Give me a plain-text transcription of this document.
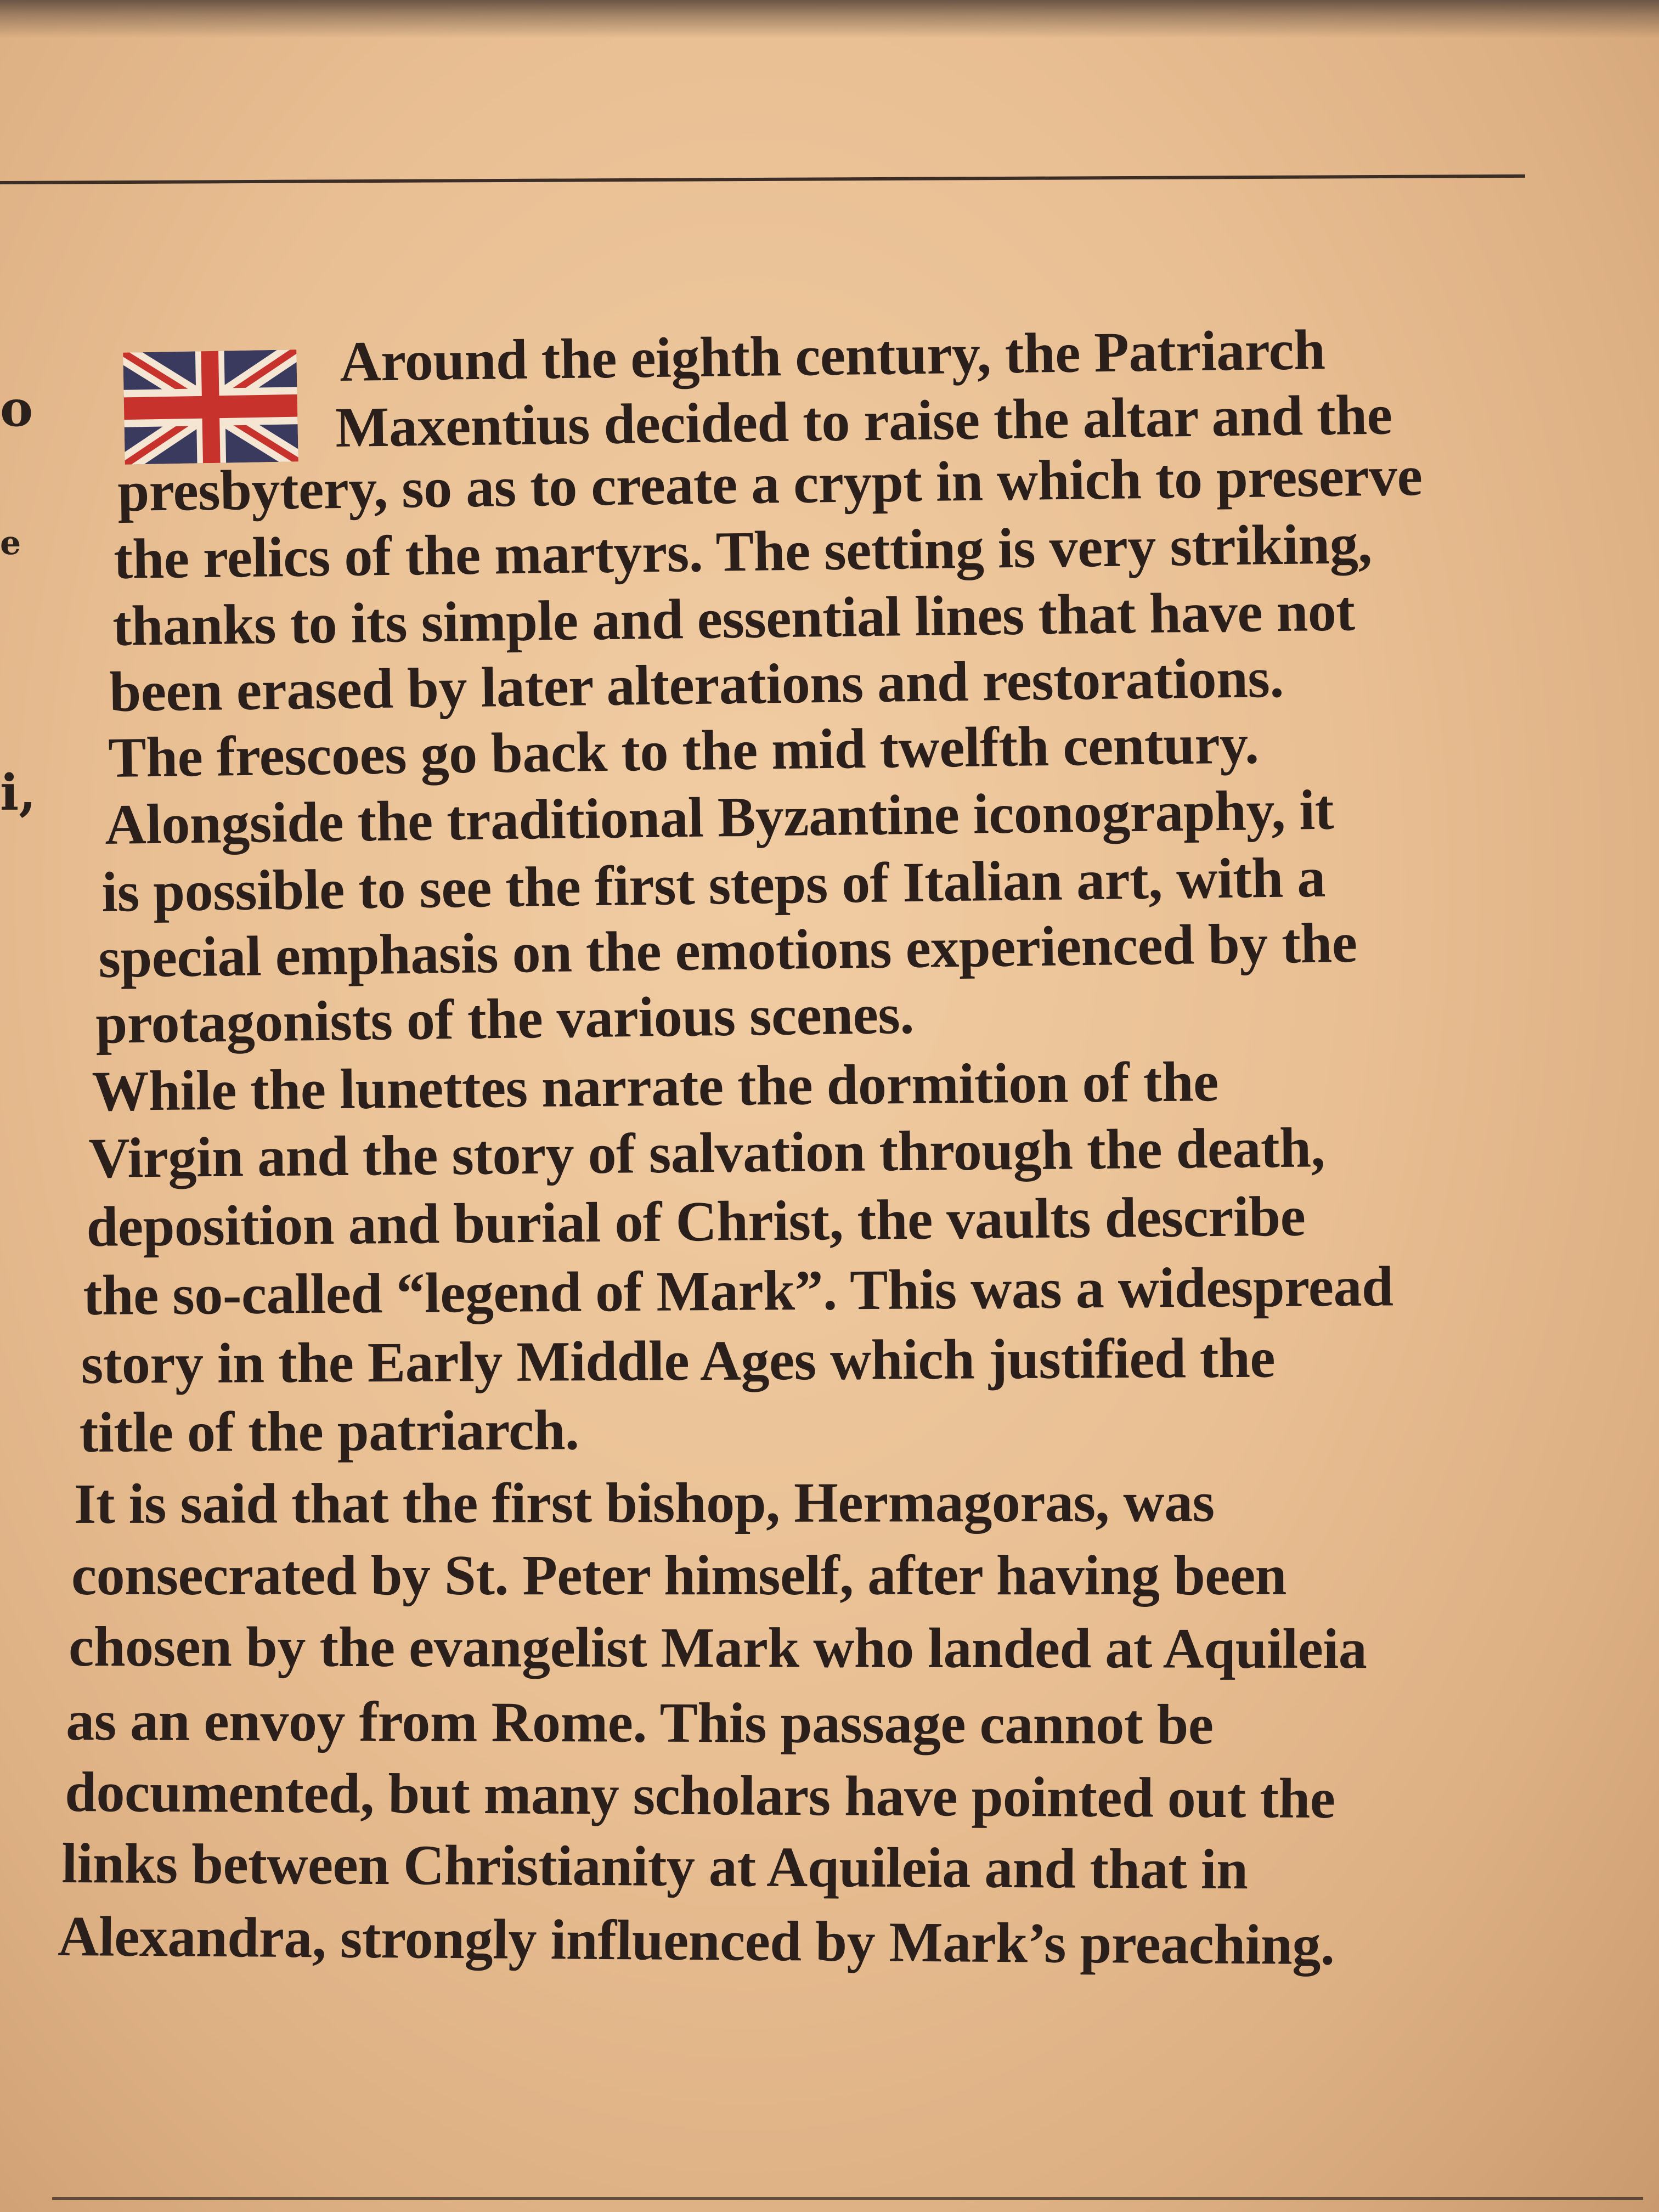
o
e
i,
Around the eighth century, the Patriarch
Maxentius decided to raise the altar and the
presbytery, so as to create a crypt in which to preserve
the relics of the martyrs. The setting is very striking,
thanks to its simple and essential lines that have not
been erased by later alterations and restorations.
The frescoes go back to the mid twelfth century.
Alongside the traditional Byzantine iconography, it
is possible to see the first steps of Italian art, with a
special emphasis on the emotions experienced by the
protagonists of the various scenes.
While the lunettes narrate the dormition of the
Virgin and the story of salvation through the death,
deposition and burial of Christ, the vaults describe
the so-called “legend of Mark”. This was a widespread
story in the Early Middle Ages which justified the
title of the patriarch.
It is said that the first bishop, Hermagoras, was
consecrated by St. Peter himself, after having been
chosen by the evangelist Mark who landed at Aquileia
as an envoy from Rome. This passage cannot be
documented, but many scholars have pointed out the
links between Christianity at Aquileia and that in
Alexandra, strongly influenced by Mark’s preaching.
